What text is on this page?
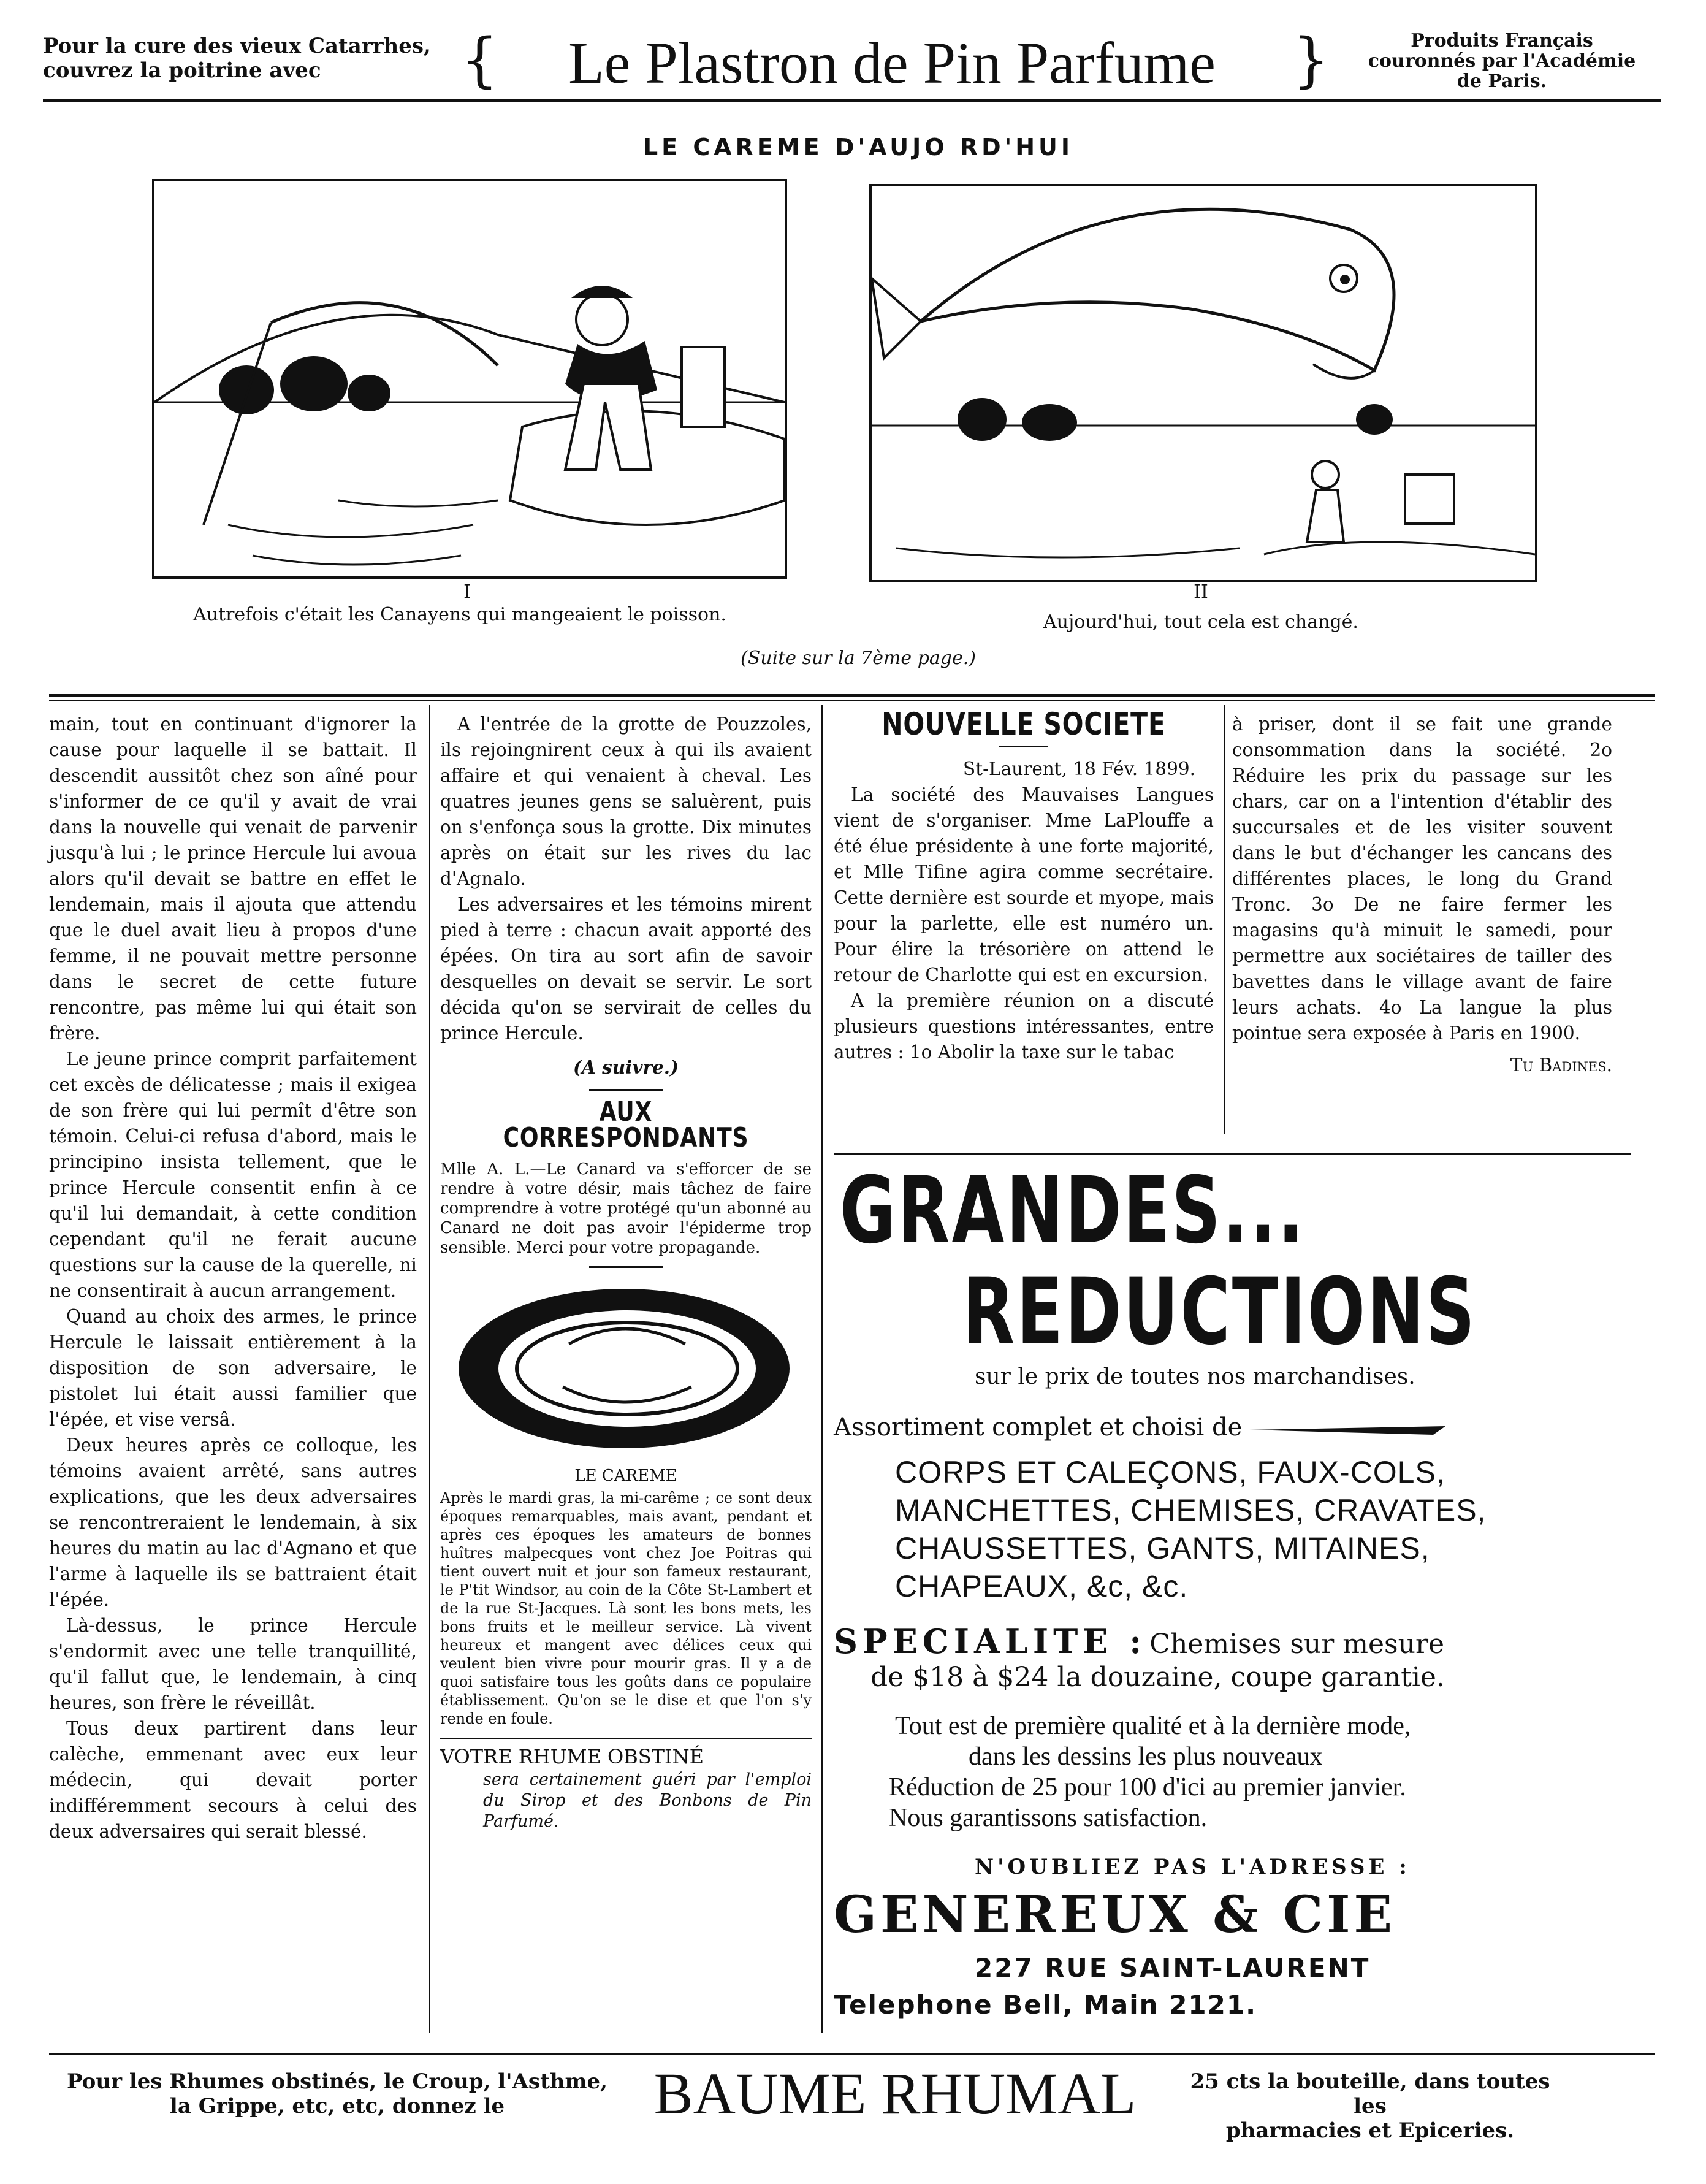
Pour la cure des vieux Catarrhes,
couvrez la poitrine avec	{	Le Plastron de Pin Parfume	}	Produits Français
couronnés par l'Académie
de Paris.
LE CAREME D'AUJO RD'HUI
I
Autrefois c'était les Canayens qui mangeaient le poisson.
II
Aujourd'hui, tout cela est changé.
(Suite sur la 7ème page.)

main, tout en continuant d'ignorer la cause pour laquelle il se battait. Il descendit aussitôt chez son aîné pour s'informer de ce qu'il y avait de vrai dans la nouvelle qui venait de parvenir jusqu'à lui ; le prince Hercule lui avoua alors qu'il devait se battre en effet le lendemain, mais il ajouta que attendu que le duel avait lieu à propos d'une femme, il ne pouvait mettre personne dans le secret de cette future rencontre, pas même lui qui était son frère.

Le jeune prince comprit parfaitement cet excès de délicatesse ; mais il exigea de son frère qui lui permît d'être son témoin. Celui-ci refusa d'abord, mais le principino insista tellement, que le prince Hercule consentit enfin à ce qu'il lui demandait, à cette condition cependant qu'il ne ferait aucune questions sur la cause de la querelle, ni ne consentirait à aucun arrangement.

Quand au choix des armes, le prince Hercule le laissait entièrement à la disposition de son adversaire, le pistolet lui était aussi familier que l'épée, et vise versâ.

Deux heures après ce colloque, les témoins avaient arrêté, sans autres explications, que les deux adversaires se rencontreraient le lendemain, à six heures du matin au lac d'Agnano et que l'arme à laquelle ils se battraient était l'épée.

Là-dessus, le prince Hercule s'endormit avec une telle tranquillité, qu'il fallut que, le lendemain, à cinq heures, son frère le réveillât.

Tous deux partirent dans leur calèche, emmenant avec eux leur médecin, qui devait porter indifféremment secours à celui des deux adversaires qui serait blessé.

A l'entrée de la grotte de Pouzzoles, ils rejoingnirent ceux à qui ils avaient affaire et qui venaient à cheval. Les quatres jeunes gens se saluèrent, puis on s'enfonça sous la grotte. Dix minutes après on était sur les rives du lac d'Agnalo.

Les adversaires et les témoins mirent pied à terre : chacun avait apporté des épées. On tira au sort afin de savoir desquelles on devait se servir. Le sort décida qu'on se servirait de celles du prince Hercule.

(A suivre.)
AUX CORRESPONDANTS
Mlle A. L.—Le Canard va s'efforcer de se rendre à votre désir, mais tâchez de faire comprendre à votre protégé qu'un abonné au Canard ne doit pas avoir l'épiderme trop sensible. Merci pour votre propagande.
LE CAREME
Après le mardi gras, la mi-carême ; ce sont deux époques remarquables, mais avant, pendant et après ces époques les amateurs de bonnes huîtres malpecques vont chez Joe Poitras qui tient ouvert nuit et jour son fameux restaurant, le P'tit Windsor, au coin de la Côte St-Lambert et de la rue St-Jacques. Là sont les bons mets, les bons fruits et le meilleur service. Là vivent heureux et mangent avec délices ceux qui veulent bien vivre pour mourir gras. Il y a de quoi satisfaire tous les goûts dans ce populaire établissement. Qu'on se le dise et que l'on s'y rende en foule.
VOTRE RHUME OBSTINÉ
sera certainement guéri par l'emploi du Sirop et des Bonbons de Pin Parfumé.
NOUVELLE SOCIETE
St-Laurent, 18 Fév. 1899.

La société des Mauvaises Langues vient de s'organiser. Mme LaPlouffe a été élue présidente à une forte majorité, et Mlle Tifine agira comme secrétaire. Cette dernière est sourde et myope, mais pour la parlette, elle est numéro un. Pour élire la trésorière on attend le retour de Charlotte qui est en excursion.

A la première réunion on a discuté plusieurs questions intéressantes, entre autres : 1o Abolir la taxe sur le tabac

à priser, dont il se fait une grande consommation dans la société. 2o Réduire les prix du passage sur les chars, car on a l'intention d'établir des succursales et de les visiter souvent dans le but d'échanger les cancans des différentes places, le long du Grand Tronc. 3o De ne faire fermer les magasins qu'à minuit le samedi, pour permettre aux sociétaires de tailler des bavettes dans le village avant de faire leurs achats. 4o La langue la plus pointue sera exposée à Paris en 1900.

Tu Badines.
GRANDES...
REDUCTIONS
sur le prix de toutes nos marchandises.
Assortiment complet et choisi de
CORPS ET CALEÇONS, FAUX-COLS,
MANCHETTES, CHEMISES, CRAVATES,
CHAUSSETTES, GANTS, MITAINES,
CHAPEAUX, &c, &c.
SPECIALITE : Chemises sur mesure
de $18 à $24 la douzaine, coupe garantie.
Tout est de première qualité et à la dernière mode,
dans les dessins les plus nouveaux
Réduction de 25 pour 100 d'ici au premier janvier.
Nous garantissons satisfaction.
N'OUBLIEZ PAS L'ADRESSE :
GENEREUX & CIE
227 RUE SAINT-LAURENT
Telephone Bell, Main 2121.
Pour les Rhumes obstinés, le Croup, l'Asthme,
la Grippe, etc, etc, donnez le	BAUME RHUMAL	25 cts la bouteille, dans toutes les
pharmacies et Epiceries.
